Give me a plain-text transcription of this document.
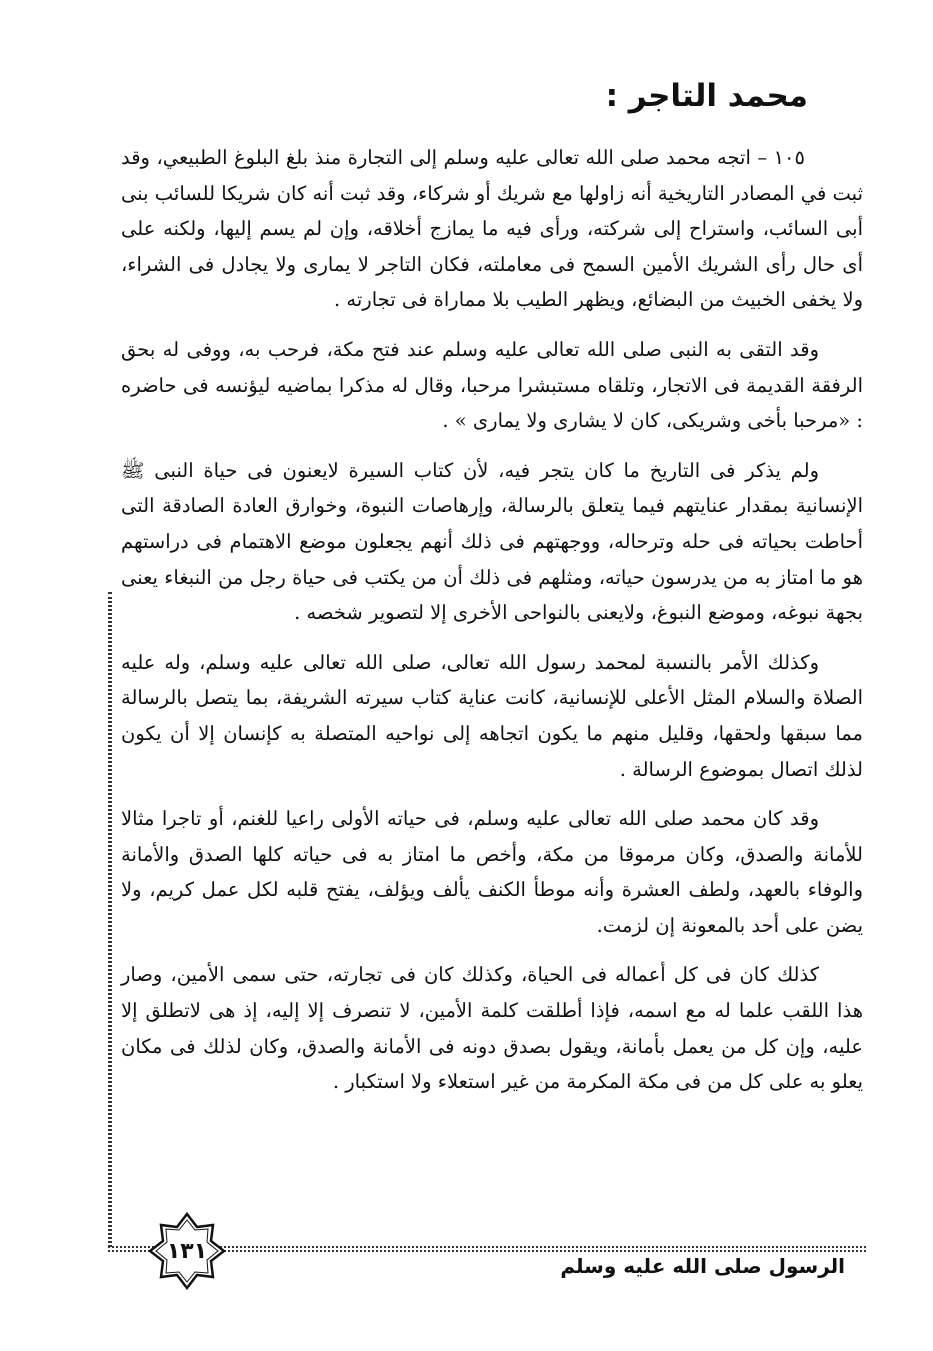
محمد التاجر :

١٠٥ – اتجه محمد صلى الله تعالى عليه وسلم إلى التجارة منذ بلغ البلوغ الطبيعي، وقد ثبت في المصادر التاريخية أنه زاولها مع شريك أو شركاء، وقد ثبت أنه كان شريكا للسائب بنى أبى السائب، واستراح إلى شركته، ورأى فيه ما يمازج أخلاقه، وإن لم يسم إليها، ولكنه على أى حال رأى الشريك الأمين السمح فى معاملته، فكان التاجر لا يمارى ولا يجادل فى الشراء، ولا يخفى الخبيث من البضائع، ويظهر الطيب بلا مماراة فى تجارته .

وقد التقى به النبى صلى الله تعالى عليه وسلم عند فتح مكة، فرحب به، ووفى له بحق الرفقة القديمة فى الاتجار، وتلقاه مستبشرا مرحبا، وقال له مذكرا بماضيه ليؤنسه فى حاضره : «مرحبا بأخى وشريكى، كان لا يشارى ولا يمارى » .

ولم يذكر فى التاريخ ما كان يتجر فيه، لأن كتاب السيرة لايعنون فى حياة النبى ﷺ الإنسانية بمقدار عنايتهم فيما يتعلق بالرسالة، وإرهاصات النبوة، وخوارق العادة الصادقة التى أحاطت بحياته فى حله وترحاله، ووجهتهم فى ذلك أنهم يجعلون موضع الاهتمام فى دراستهم هو ما امتاز به من يدرسون حياته، ومثلهم فى ذلك أن من يكتب فى حياة رجل من النبغاء يعنى بجهة نبوغه، وموضع النبوغ، ولايعنى بالنواحى الأخرى إلا لتصوير شخصه .

وكذلك الأمر بالنسبة لمحمد رسول الله تعالى، صلى الله تعالى عليه وسلم، وله عليه الصلاة والسلام المثل الأعلى للإنسانية، كانت عناية كتاب سيرته الشريفة، بما يتصل بالرسالة مما سبقها ولحقها، وقليل منهم ما يكون اتجاهه إلى نواحيه المتصلة به كإنسان إلا أن يكون لذلك اتصال بموضوع الرسالة .

وقد كان محمد صلى الله تعالى عليه وسلم، فى حياته الأولى راعيا للغنم، أو تاجرا مثالا للأمانة والصدق، وكان مرموقا من مكة، وأخص ما امتاز به فى حياته كلها الصدق والأمانة والوفاء بالعهد، ولطف العشرة وأنه موطأ الكنف يألف ويؤلف، يفتح قلبه لكل عمل كريم، ولا يضن على أحد بالمعونة إن لزمت.

كذلك كان فى كل أعماله فى الحياة، وكذلك كان فى تجارته، حتى سمى الأمين، وصار هذا اللقب علما له مع اسمه، فإذا أطلقت كلمة الأمين، لا تنصرف إلا إليه، إذ هى لاتطلق إلا عليه، وإن كل من يعمل بأمانة، ويقول بصدق دونه فى الأمانة والصدق، وكان لذلك فى مكان يعلو به على كل من فى مكة المكرمة من غير استعلاء ولا استكبار .

١٣١
الرسول صلى الله عليه وسلم
